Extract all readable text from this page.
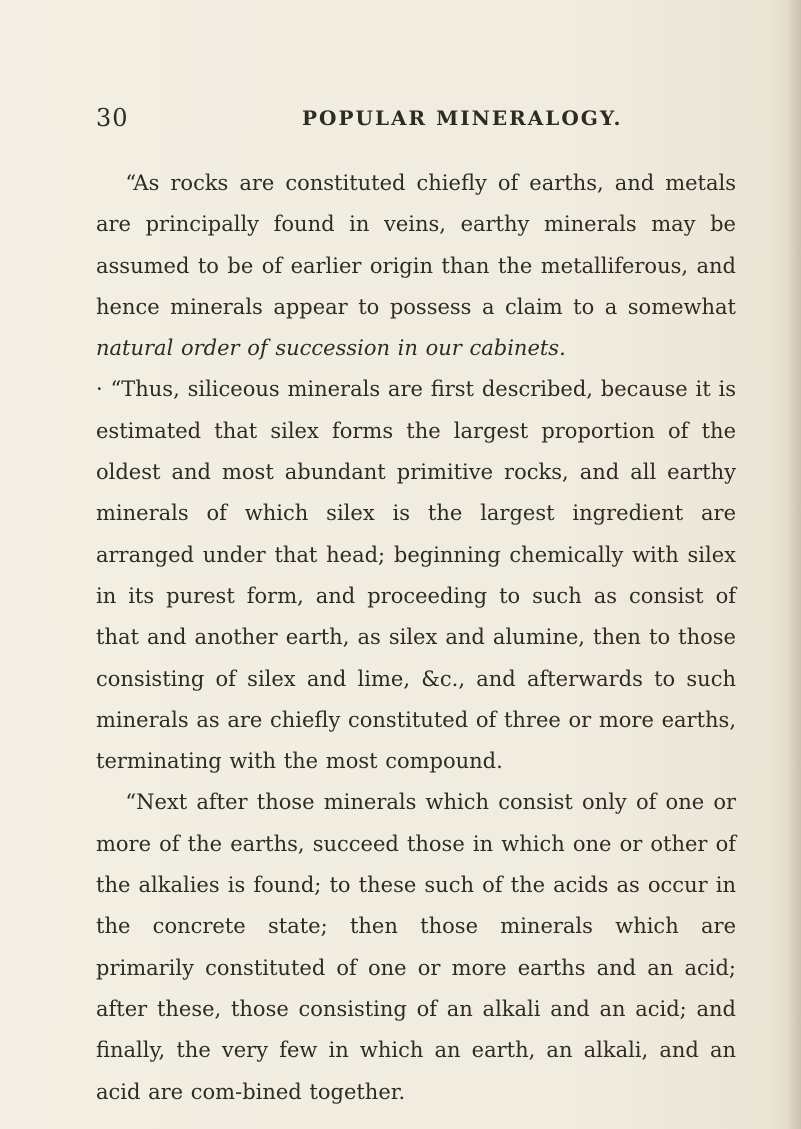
30	POPULAR MINERALOGY.

“As rocks are constituted chiefly of earths, and metals are principally found in veins, earthy minerals may be assumed to be of earlier origin than the metalliferous, and hence minerals appear to possess a claim to a somewhat natural order of succession in our cabinets.

· “Thus, siliceous minerals are first described, because it is estimated that silex forms the largest proportion of the oldest and most abundant primitive rocks, and all earthy minerals of which silex is the largest ingredient are arranged under that head; beginning chemically with silex in its purest form, and proceeding to such as consist of that and another earth, as silex and alumine, then to those consisting of silex and lime, &c., and afterwards to such minerals as are chiefly constituted of three or more earths, terminating with the most compound.

“Next after those minerals which consist only of one or more of the earths, succeed those in which one or other of the alkalies is found; to these such of the acids as occur in the concrete state; then those minerals which are primarily constituted of one or more earths and an acid; after these, those consisting of an alkali and an acid; and finally, the very few in which an earth, an alkali, and an acid are com-bined together.
